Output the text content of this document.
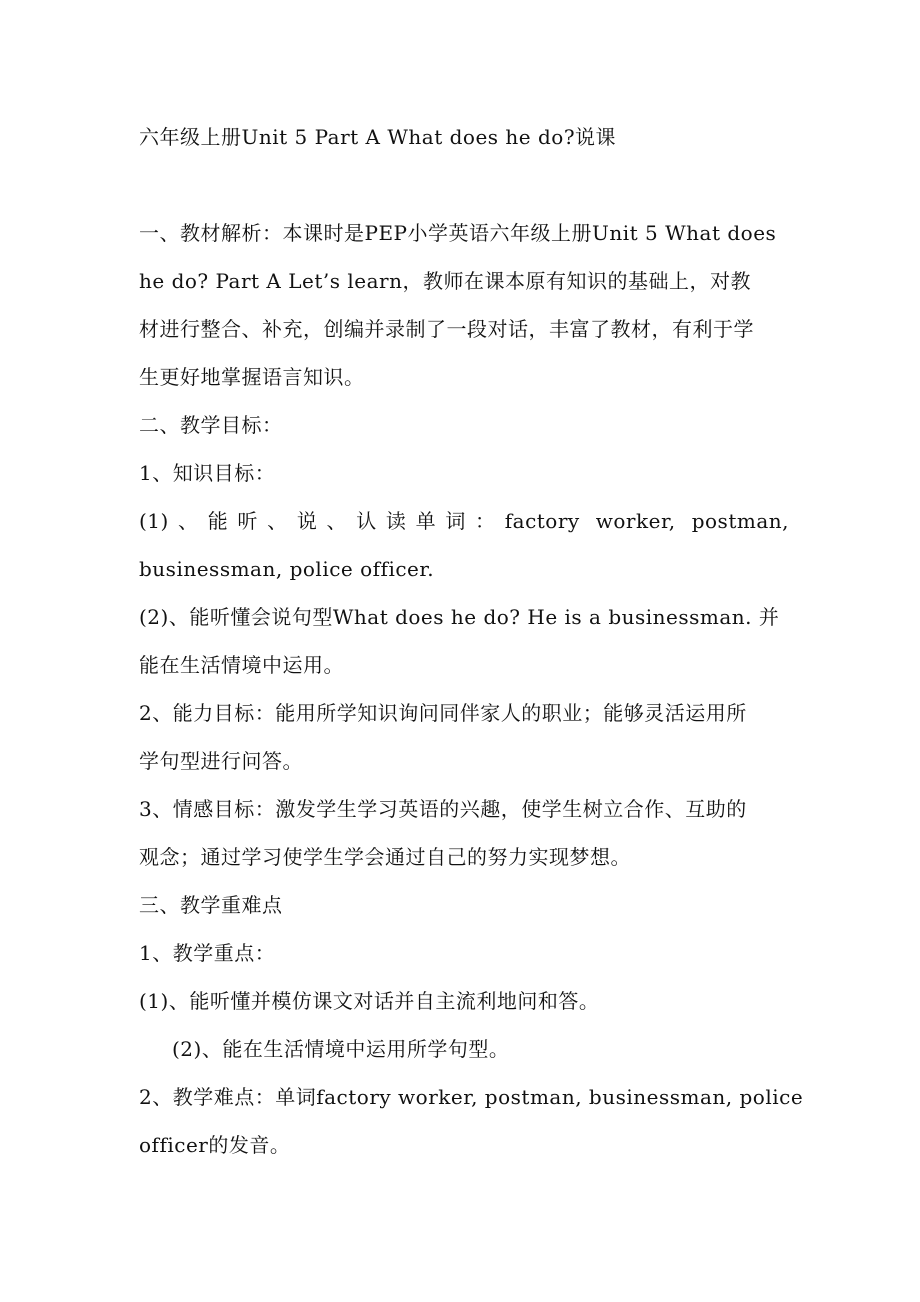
六年级上册Unit 5 Part A What does he do?说课
一、教材解析：本课时是PEP小学英语六年级上册Unit 5 What does
he do? Part A Let’s learn，教师在课本原有知识的基础上，对教
材进行整合、补充，创编并录制了一段对话，丰富了教材，有利于学
生更好地掌握语言知识。
二、教学目标：
1、知识目标：
(1)、能听、说、认读单词：factory worker, postman,
businessman, police officer.
(2)、能听懂会说句型What does he do? He is a businessman. 并
能在生活情境中运用。
2、能力目标：能用所学知识询问同伴家人的职业；能够灵活运用所
学句型进行问答。
3、情感目标：激发学生学习英语的兴趣，使学生树立合作、互助的
观念；通过学习使学生学会通过自己的努力实现梦想。
三、教学重难点
1、教学重点：
(1)、能听懂并模仿课文对话并自主流利地问和答。
(2)、能在生活情境中运用所学句型。
2、教学难点：单词factory worker, postman, businessman, police
officer的发音。
